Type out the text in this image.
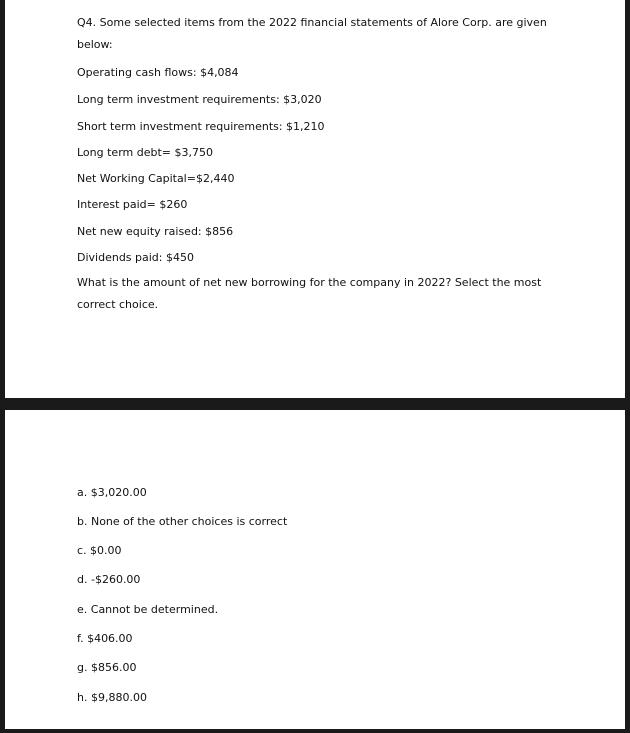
Q4. Some selected items from the 2022 financial statements of Alore Corp. are given below:

Operating cash flows: $4,084
Long term investment requirements: $3,020
Short term investment requirements: $1,210
Long term debt= $3,750
Net Working Capital=$2,440
Interest paid= $260
Net new equity raised: $856
Dividends paid: $450

What is the amount of net new borrowing for the company in 2022? Select the most correct choice.

a. $3,020.00
b. None of the other choices is correct
c. $0.00
d. -$260.00
e. Cannot be determined.
f. $406.00
g. $856.00
h. $9,880.00
